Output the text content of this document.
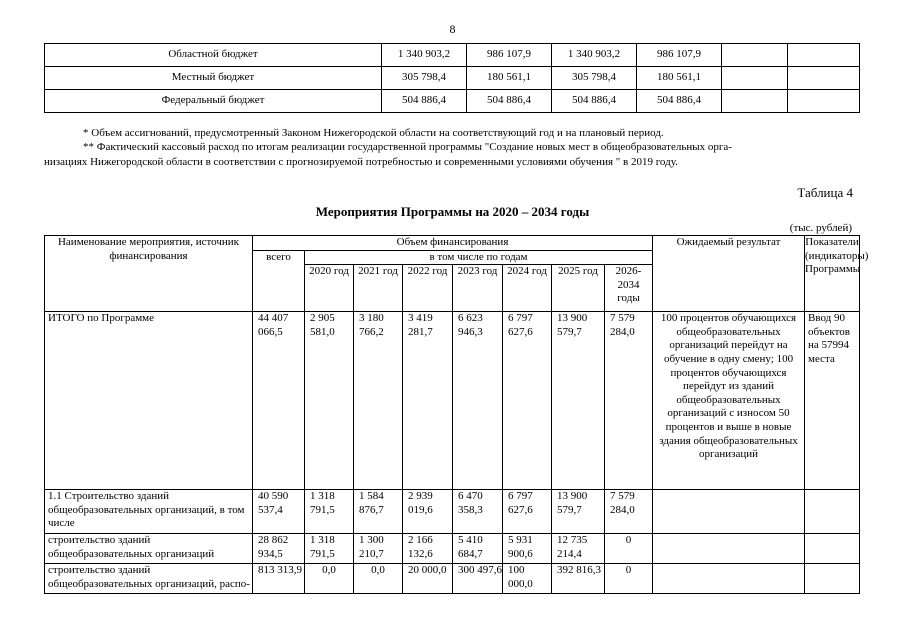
8
Областной бюджет	1 340 903,2	986 107,9	1 340 903,2	986 107,9		
Местный бюджет	305 798,4	180 561,1	305 798,4	180 561,1		
Федеральный бюджет	504 886,4	504 886,4	504 886,4	504 886,4		
* Объем ассигнований, предусмотренный Законом Нижегородской области на соответствующий год и на плановый период.
** Фактический кассовый расход по итогам реализации государственной программы "Создание новых мест в общеобразовательных орга-
низациях Нижегородской области в соответствии с прогнозируемой потребностью и современными условиями обучения " в 2019 году.
Таблица 4
Мероприятия Программы на 2020 – 2034 годы
(тыс. рублей)
Наименование мероприятия, источник финансирования	Объем финансирования								Ожидаемый результат	Показатели (индикаторы) Программы
	всего	в том числе по годам								
		2020 год	2021 год	2022 год	2023 год	2024 год	2025 год	2026-2034 годы		
ИТОГО по Программе	44 407 066,5	2 905 581,0	3 180 766,2	3 419 281,7	6 623 946,3	6 797 627,6	13 900 579,7	7 579 284,0	100 процентов обучающихся общеобразовательных организаций перейдут на обучение в одну смену; 100 процентов обучающихся перейдут из зданий общеобразовательных организаций с износом 50 процентов и выше в новые здания общеобразовательных организаций	Ввод 90 объектов на 57994 места
1.1 Строительство зданий общеобразовательных организаций, в том числе	40 590 537,4	1 318 791,5	1 584 876,7	2 939 019,6	6 470 358,3	6 797 627,6	13 900 579,7	7 579 284,0		
строительство зданий общеобразовательных организаций	28 862 934,5	1 318 791,5	1 300 210,7	2 166 132,6	5 410 684,7	5 931 900,6	12 735 214,4	0		
строительство зданий общеобразовательных организаций, распо-	813 313,9	0,0	0,0	20 000,0	300 497,6	100 000,0	392 816,3	0		
